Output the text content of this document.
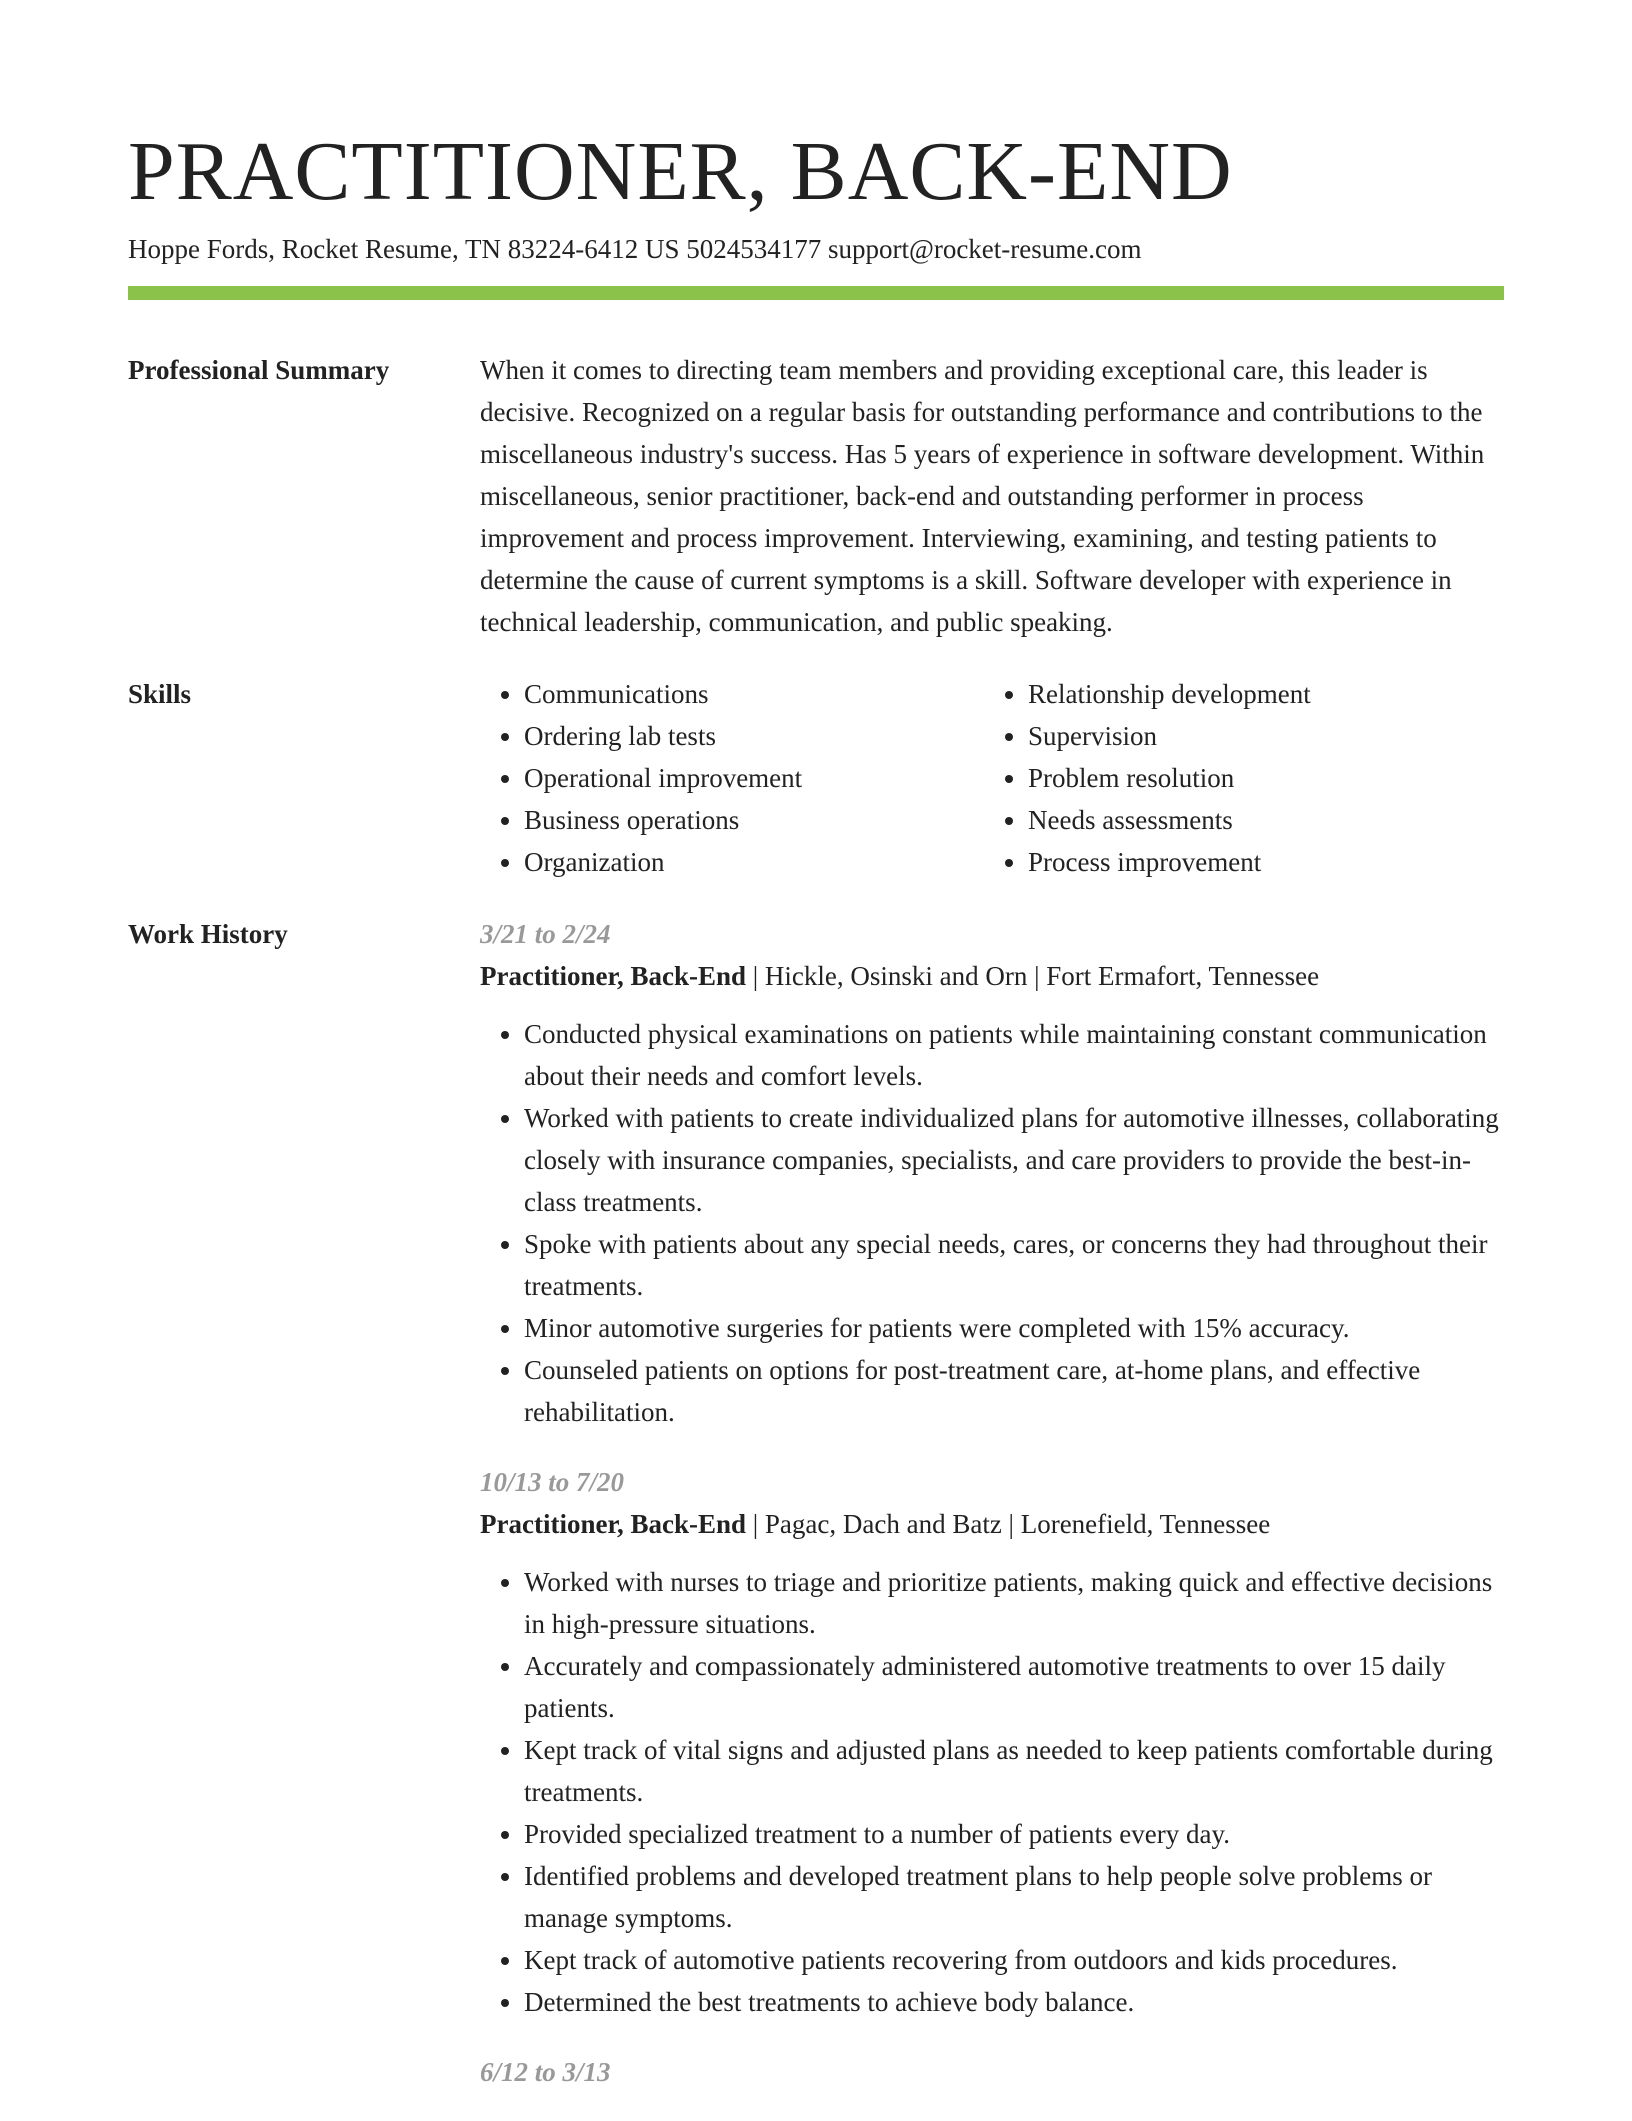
PRACTITIONER, BACK-END
Hoppe Fords, Rocket Resume, TN 83224-6412 US 5024534177 support@rocket-resume.com
Professional Summary	When it comes to directing team members and providing exceptional care, this leader is decisive. Recognized on a regular basis for outstanding performance and contributions to the miscellaneous industry's success. Has 5 years of experience in software development. Within miscellaneous, senior practitioner, back-end and outstanding performer in process improvement and process improvement. Interviewing, examining, and testing patients to determine the cause of current symptoms is a skill. Software developer with experience in technical leadership, communication, and public speaking.

Skills
•	Communications
• Ordering lab tests
• Operational improvement
• Business operations
• Organization
• Relationship development
• Supervision
• Problem resolution
• Needs assessments
• Process improvement
Work History	3/21 to 2/24
Practitioner, Back-End | Hickle, Osinski and Orn | Fort Ermafort, Tennessee
• Conducted physical examinations on patients while maintaining constant communication about their needs and comfort levels.
• Worked with patients to create individualized plans for automotive illnesses, collaborating closely with insurance companies, specialists, and care providers to provide the best-in-class treatments.
• Spoke with patients about any special needs, cares, or concerns they had throughout their treatments.
• Minor automotive surgeries for patients were completed with 15% accuracy.
• Counseled patients on options for post-treatment care, at-home plans, and effective rehabilitation.
10/13 to 7/20
Practitioner, Back-End | Pagac, Dach and Batz | Lorenefield, Tennessee
• Worked with nurses to triage and prioritize patients, making quick and effective decisions in high-pressure situations.
• Accurately and compassionately administered automotive treatments to over 15 daily patients.
• Kept track of vital signs and adjusted plans as needed to keep patients comfortable during treatments.
• Provided specialized treatment to a number of patients every day.
• Identified problems and developed treatment plans to help people solve problems or manage symptoms.
• Kept track of automotive patients recovering from outdoors and kids procedures.
• Determined the best treatments to achieve body balance.
6/12 to 3/13
